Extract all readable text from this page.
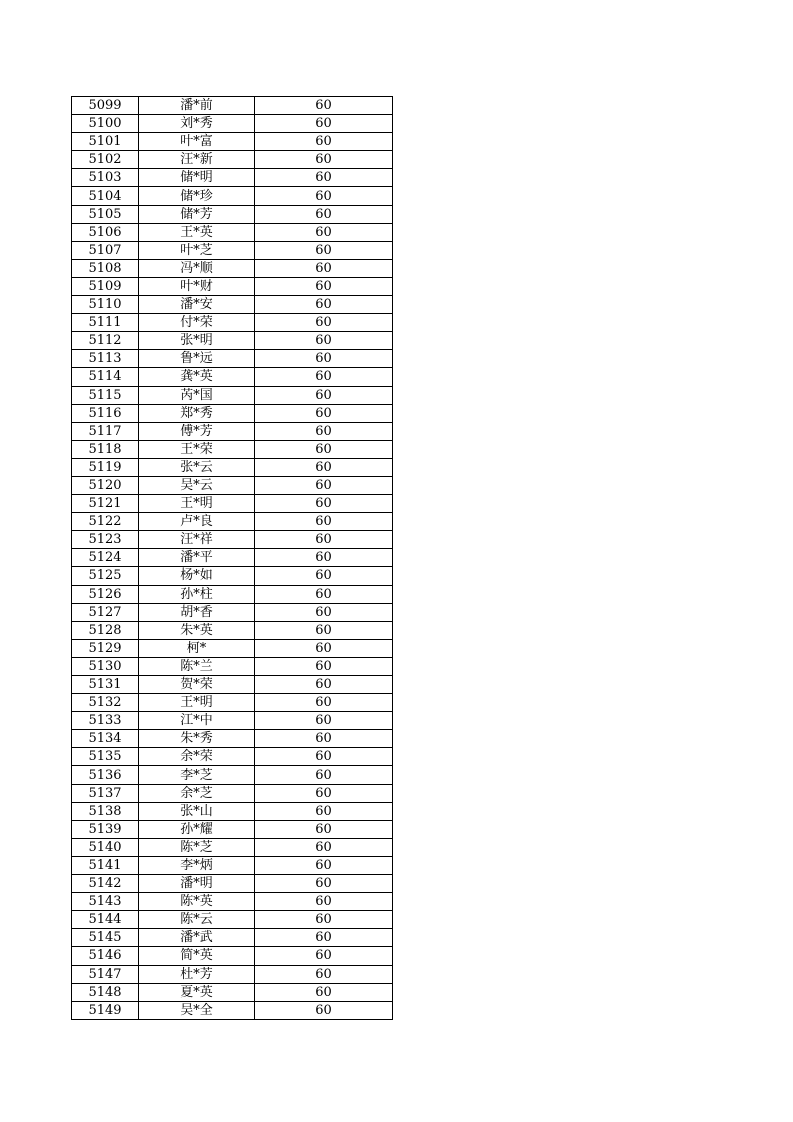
5099	潘*前	60
5100	刘*秀	60
5101	叶*富	60
5102	汪*新	60
5103	储*明	60
5104	储*珍	60
5105	储*芳	60
5106	王*英	60
5107	叶*芝	60
5108	冯*顺	60
5109	叶*财	60
5110	潘*安	60
5111	付*荣	60
5112	张*明	60
5113	鲁*远	60
5114	龚*英	60
5115	芮*国	60
5116	郑*秀	60
5117	傅*芳	60
5118	王*荣	60
5119	张*云	60
5120	吴*云	60
5121	王*明	60
5122	卢*良	60
5123	汪*祥	60
5124	潘*平	60
5125	杨*如	60
5126	孙*柱	60
5127	胡*香	60
5128	朱*英	60
5129	柯*	60
5130	陈*兰	60
5131	贺*荣	60
5132	王*明	60
5133	江*中	60
5134	朱*秀	60
5135	余*荣	60
5136	李*芝	60
5137	余*芝	60
5138	张*山	60
5139	孙*耀	60
5140	陈*芝	60
5141	李*炳	60
5142	潘*明	60
5143	陈*英	60
5144	陈*云	60
5145	潘*武	60
5146	简*英	60
5147	杜*芳	60
5148	夏*英	60
5149	吴*全	60
